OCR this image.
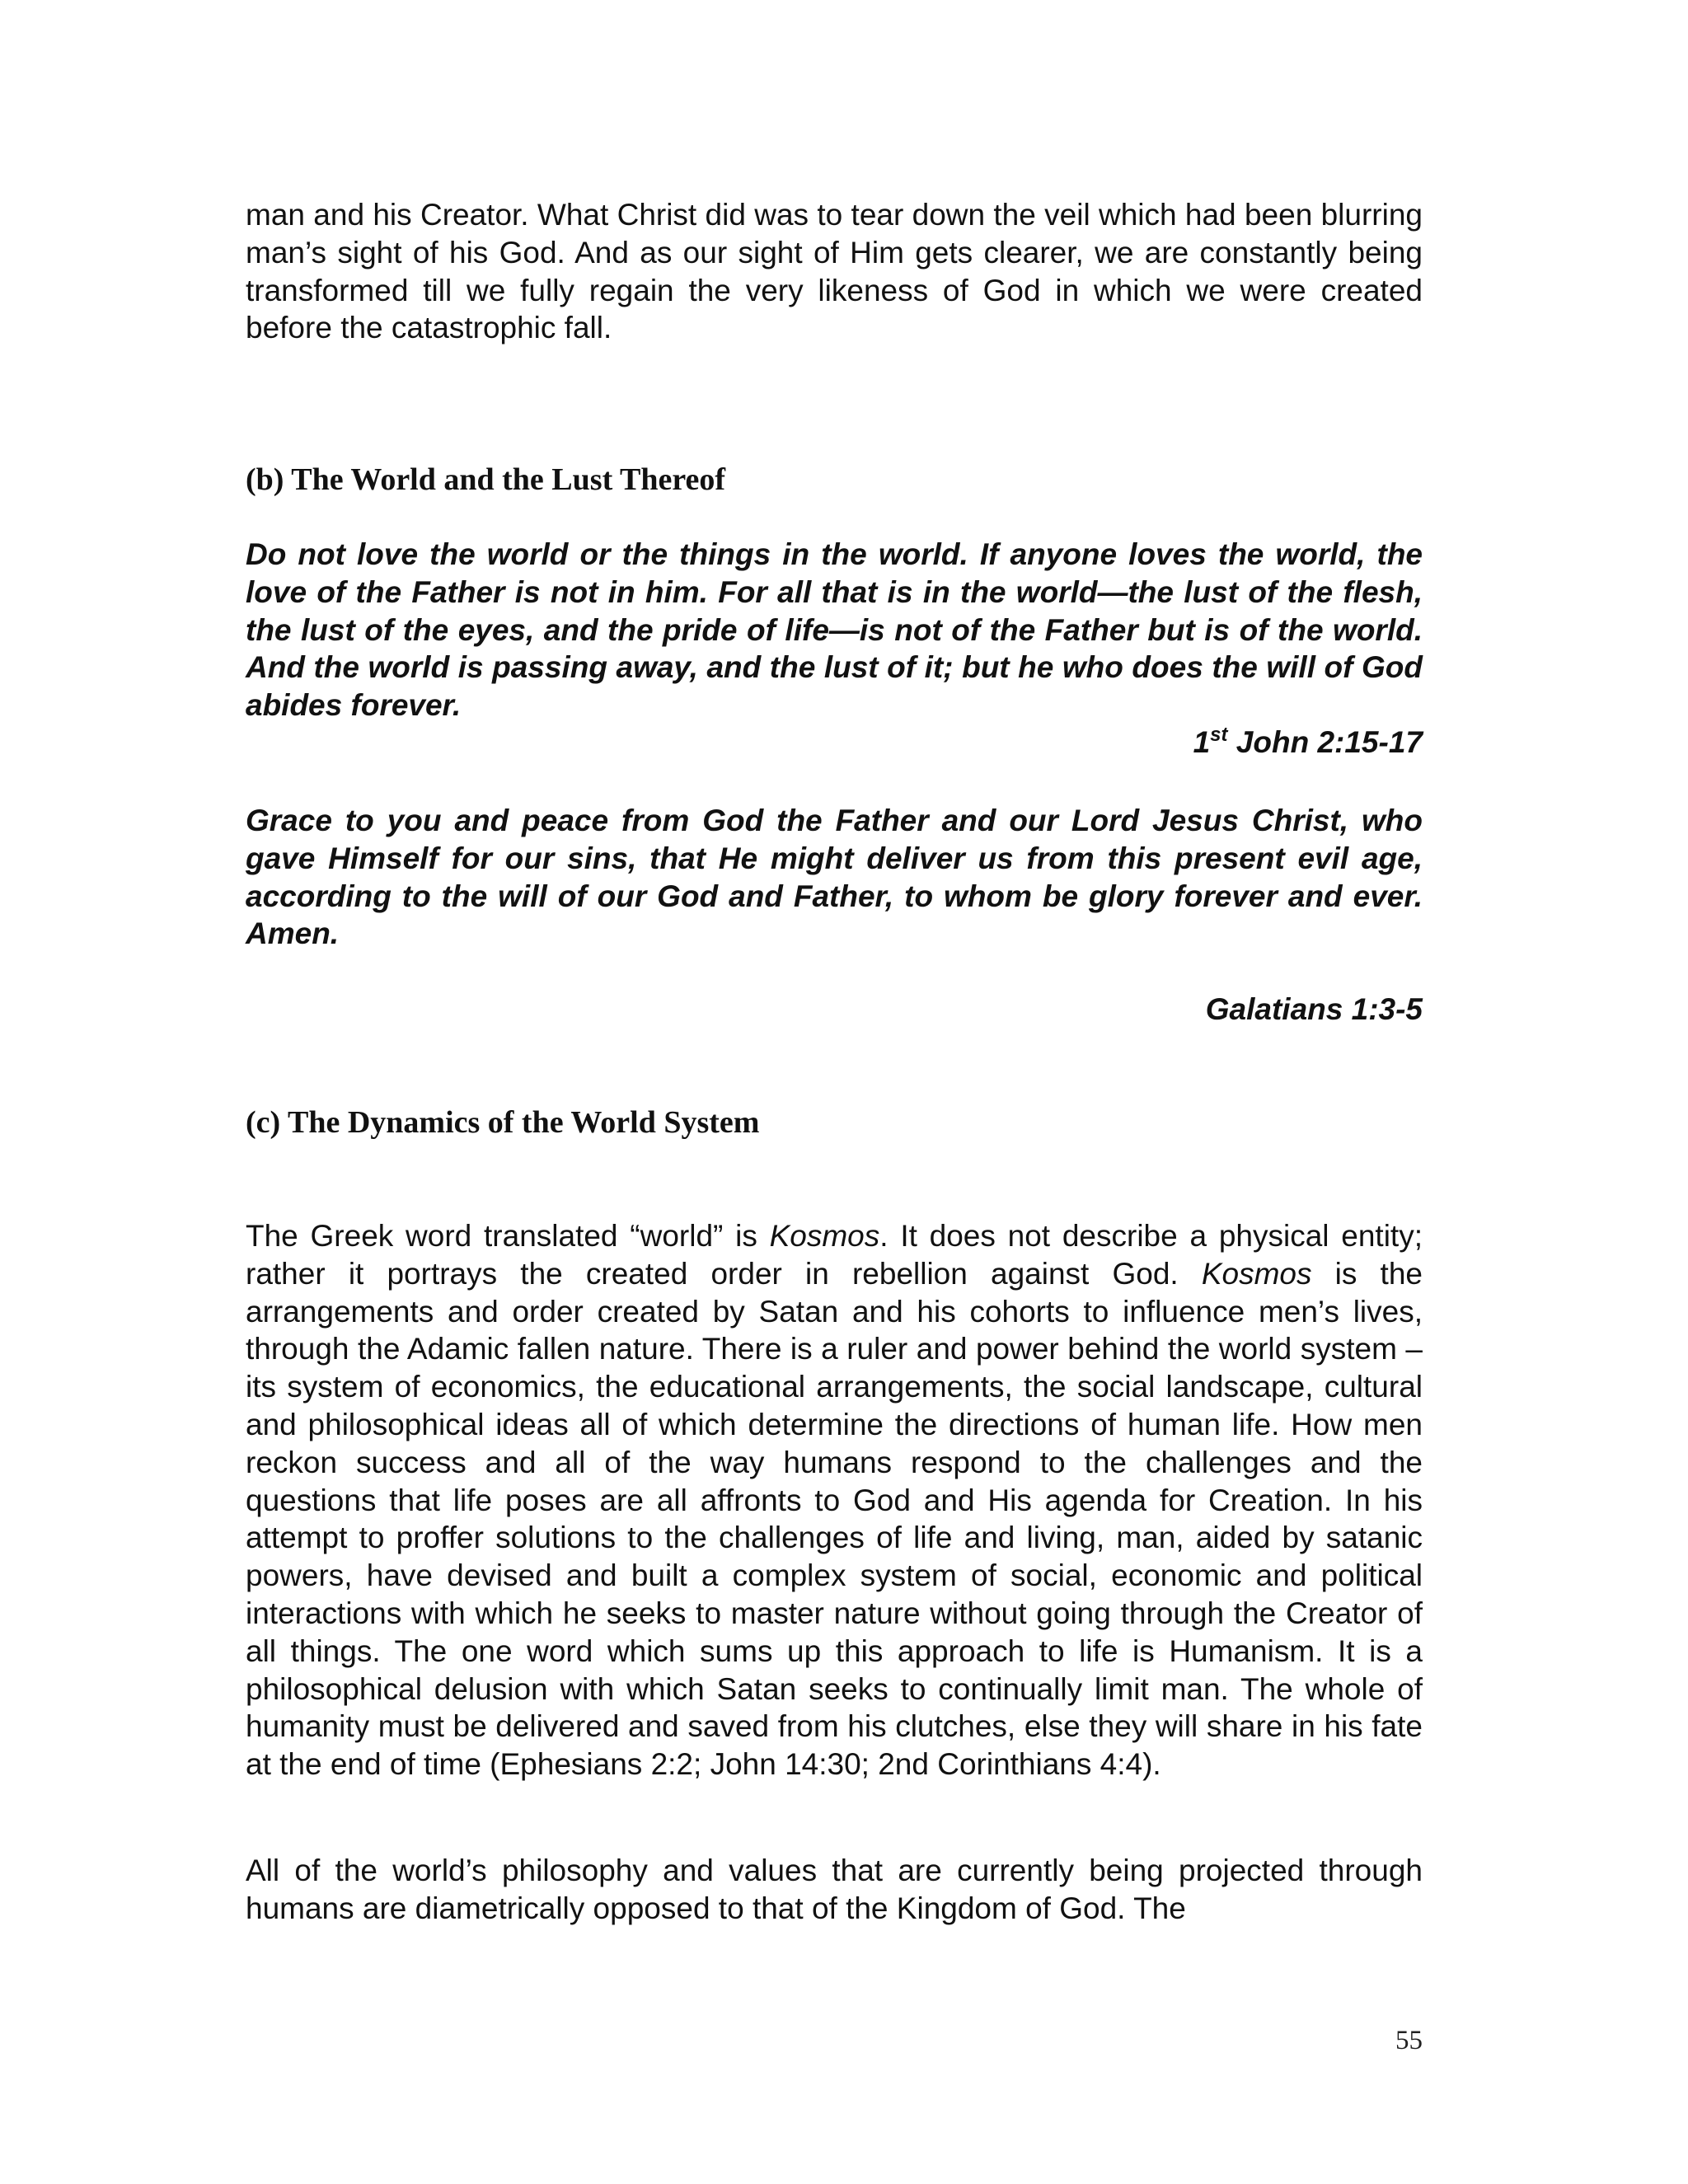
man and his Creator. What Christ did was to tear down the veil which had been blurring man’s sight of his God. And as our sight of Him gets clearer, we are constantly being transformed till we fully regain the very likeness of God in which we were created before the catastrophic fall.

(b) The World and the Lust Thereof

Do not love the world or the things in the world. If anyone loves the world, the love of the Father is not in him. For all that is in the world—the lust of the flesh, the lust of the eyes, and the pride of life—is not of the Father but is of the world. And the world is passing away, and the lust of it; but he who does the will of God abides forever.

1st John 2:15-17

Grace to you and peace from God the Father and our Lord Jesus Christ, who gave Himself for our sins, that He might deliver us from this present evil age, according to the will of our God and Father, to whom be glory forever and ever. Amen.

Galatians 1:3-5

(c) The Dynamics of the World System

The Greek word translated “world” is Kosmos. It does not describe a physical entity; rather it portrays the created order in rebellion against God. Kosmos is the arrangements and order created by Satan and his cohorts to influence men’s lives, through the Adamic fallen nature. There is a ruler and power behind the world system –its system of economics, the educational arrangements, the social landscape, cultural and philosophical ideas all of which determine the directions of human life. How men reckon success and all of the way humans respond to the challenges and the questions that life poses are all affronts to God and His agenda for Creation. In his attempt to proffer solutions to the challenges of life and living, man, aided by satanic powers, have devised and built a complex system of social, economic and political interactions with which he seeks to master nature without going through the Creator of all things. The one word which sums up this approach to life is Humanism. It is a philosophical delusion with which Satan seeks to continually limit man. The whole of humanity must be delivered and saved from his clutches, else they will share in his fate at the end of time (Ephesians 2:2; John 14:30; 2nd Corinthians 4:4).

All of the world’s philosophy and values that are currently being projected through humans are diametrically opposed to that of the Kingdom of God. The

55
